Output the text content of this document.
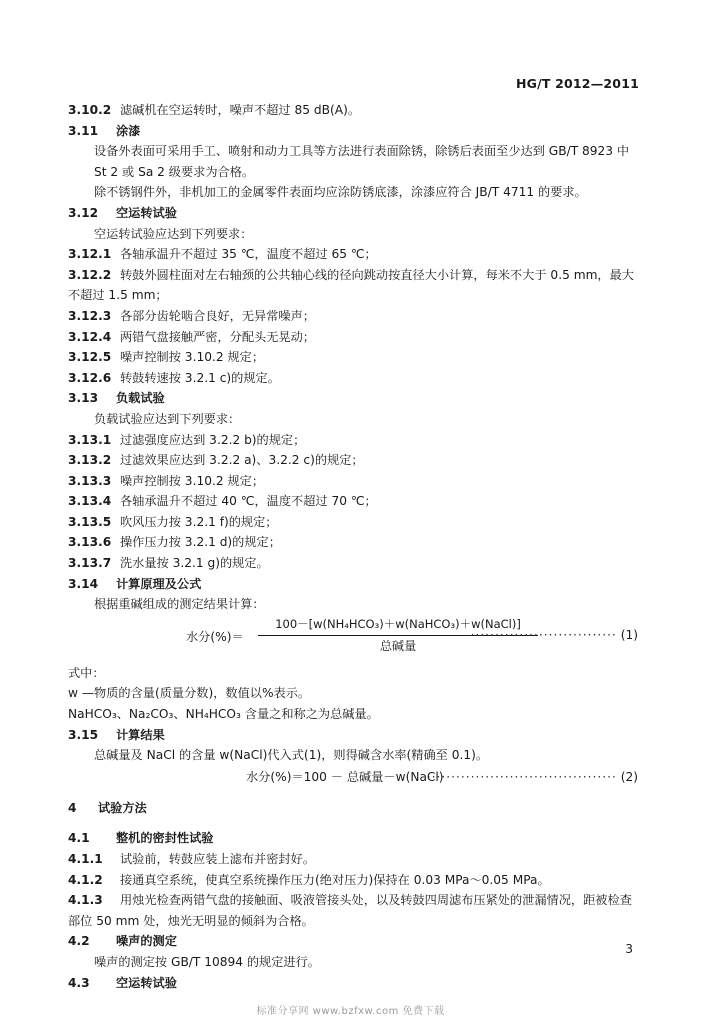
HG/T 2012—2011
3.10.2 滤碱机在空运转时，噪声不超过 85 dB(A)。
3.11 涂漆
设备外表面可采用手工、喷射和动力工具等方法进行表面除锈，除锈后表面至少达到 GB/T 8923 中 St 2 或 Sa 2 级要求为合格。
除不锈钢件外，非机加工的金属零件表面均应涂防锈底漆，涂漆应符合 JB/T 4711 的要求。
3.12 空运转试验
空运转试验应达到下列要求：
3.12.1 各轴承温升不超过 35 ℃，温度不超过 65 ℃；
3.12.2 转鼓外圆柱面对左右轴颈的公共轴心线的径向跳动按直径大小计算，每米不大于 0.5 mm，最大不超过 1.5 mm；
3.12.3 各部分齿轮啮合良好，无异常噪声；
3.12.4 两错气盘接触严密，分配头无晃动；
3.12.5 噪声控制按 3.10.2 规定；
3.12.6 转鼓转速按 3.2.1 c)的规定。
3.13 负载试验
负载试验应达到下列要求：
3.13.1 过滤强度应达到 3.2.2 b)的规定；
3.13.2 过滤效果应达到 3.2.2 a)、3.2.2 c)的规定；
3.13.3 噪声控制按 3.10.2 规定；
3.13.4 各轴承温升不超过 40 ℃，温度不超过 70 ℃；
3.13.5 吹风压力按 3.2.1 f)的规定；
3.13.6 操作压力按 3.2.1 d)的规定；
3.13.7 洗水量按 3.2.1 g)的规定。
3.14 计算原理及公式
根据重碱组成的测定结果计算：
水分(%)＝
100－[w(NH₄HCO₃)＋w(NaHCO₃)＋w(NaCl)]
总碱量
······························ (1)
式中：
w —物质的含量(质量分数)，数值以%表示。
NaHCO₃、Na₂CO₃、NH₄HCO₃ 含量之和称之为总碱量。
3.15 计算结果
总碱量及 NaCl 的含量 w(NaCl)代入式(1)，则得碱含水率(精确至 0.1)。
水分(%)＝100 － 总碱量－w(NaCl)
······································· (2)
4 试验方法
4.1 整机的密封性试验
4.1.1 试验前，转鼓应装上滤布并密封好。
4.1.2 接通真空系统，使真空系统操作压力(绝对压力)保持在 0.03 MPa～0.05 MPa。
4.1.3 用烛光检查两错气盘的接触面、吸液管接头处，以及转鼓四周滤布压紧处的泄漏情况，距被检查部位 50 mm 处，烛光无明显的倾斜为合格。
4.2 噪声的测定
噪声的测定按 GB/T 10894 的规定进行。
4.3 空运转试验
3
标准分享网 www.bzfxw.com 免费下载
